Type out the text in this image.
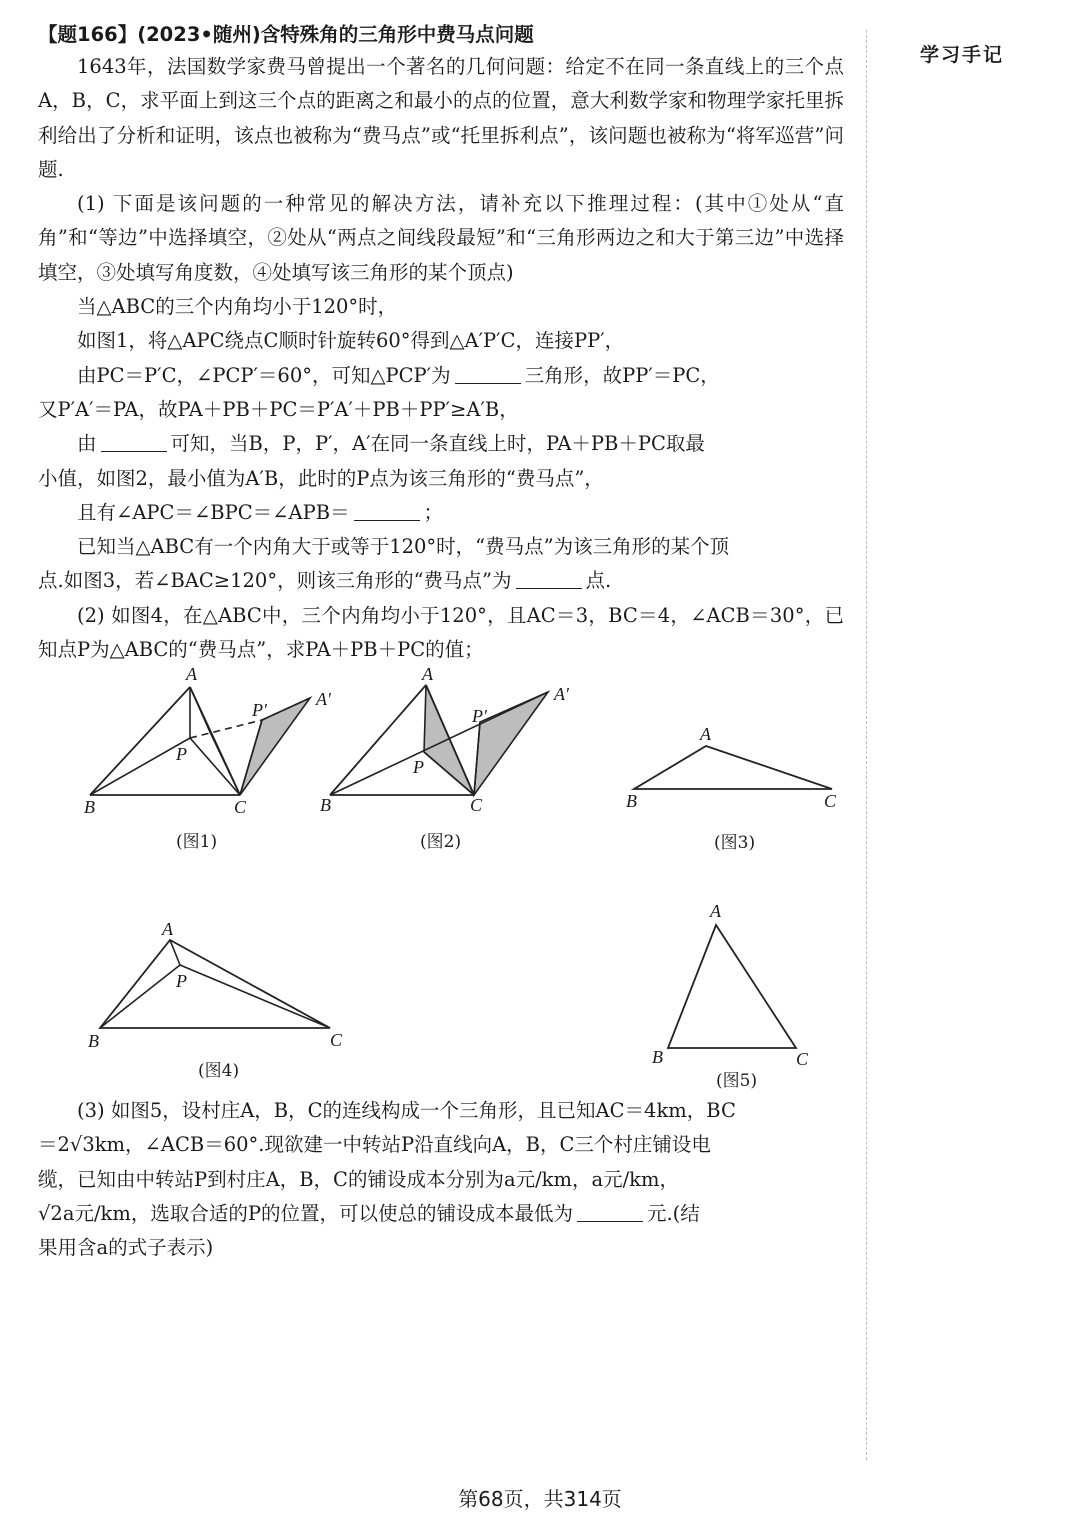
学习手记
【题166】(2023•随州)含特殊角的三角形中费马点问题
1643年，法国数学家费马曾提出一个著名的几何问题：给定不在同一条直线上的三个点A，B，C，求平面上到这三个点的距离之和最小的点的位置，意大利数学家和物理学家托里拆利给出了分析和证明，该点也被称为“费马点”或“托里拆利点”，该问题也被称为“将军巡营”问题.
(1) 下面是该问题的一种常见的解决方法，请补充以下推理过程：(其中①处从“直角”和“等边”中选择填空，②处从“两点之间线段最短”和“三角形两边之和大于第三边”中选择填空，③处填写角度数，④处填写该三角形的某个顶点)
当△ABC的三个内角均小于120°时，
如图1，将△APC绕点C顺时针旋转60°得到△A′P′C，连接PP′，
由PC＝P′C，∠PCP′＝60°，可知△PCP′为	三角形，故PP′＝PC，
又P′A′＝PA，故PA＋PB＋PC＝P′A′＋PB＋PP′≥A′B，
由	可知，当B，P，P′，A′在同一条直线上时，PA＋PB＋PC取最
小值，如图2，最小值为A′B，此时的P点为该三角形的“费马点”，
且有∠APC＝∠BPC＝∠APB＝	；
已知当△ABC有一个内角大于或等于120°时，“费马点”为该三角形的某个顶
点.如图3，若∠BAC≥120°，则该三角形的“费马点”为	点.
(2) 如图4，在△ABC中，三个内角均小于120°，且AC＝3，BC＝4，∠ACB＝30°，已知点P为△ABC的“费马点”，求PA＋PB＋PC的值；
A
B	C
P
P′
A′
(图1)
A
B	C
P
P′
A′
(图2)
A
B	C
(图3)
A
B	C
P
(图4)
A
B	C
(图5)
(3) 如图5，设村庄A，B，C的连线构成一个三角形，且已知AC＝4km，BC
＝2√3km，∠ACB＝60°.现欲建一中转站P沿直线向A，B，C三个村庄铺设电
缆，已知由中转站P到村庄A，B，C的铺设成本分别为a元/km，a元/km，
√2a元/km，选取合适的P的位置，可以使总的铺设成本最低为	元.(结
果用含a的式子表示)
第68页，共314页
